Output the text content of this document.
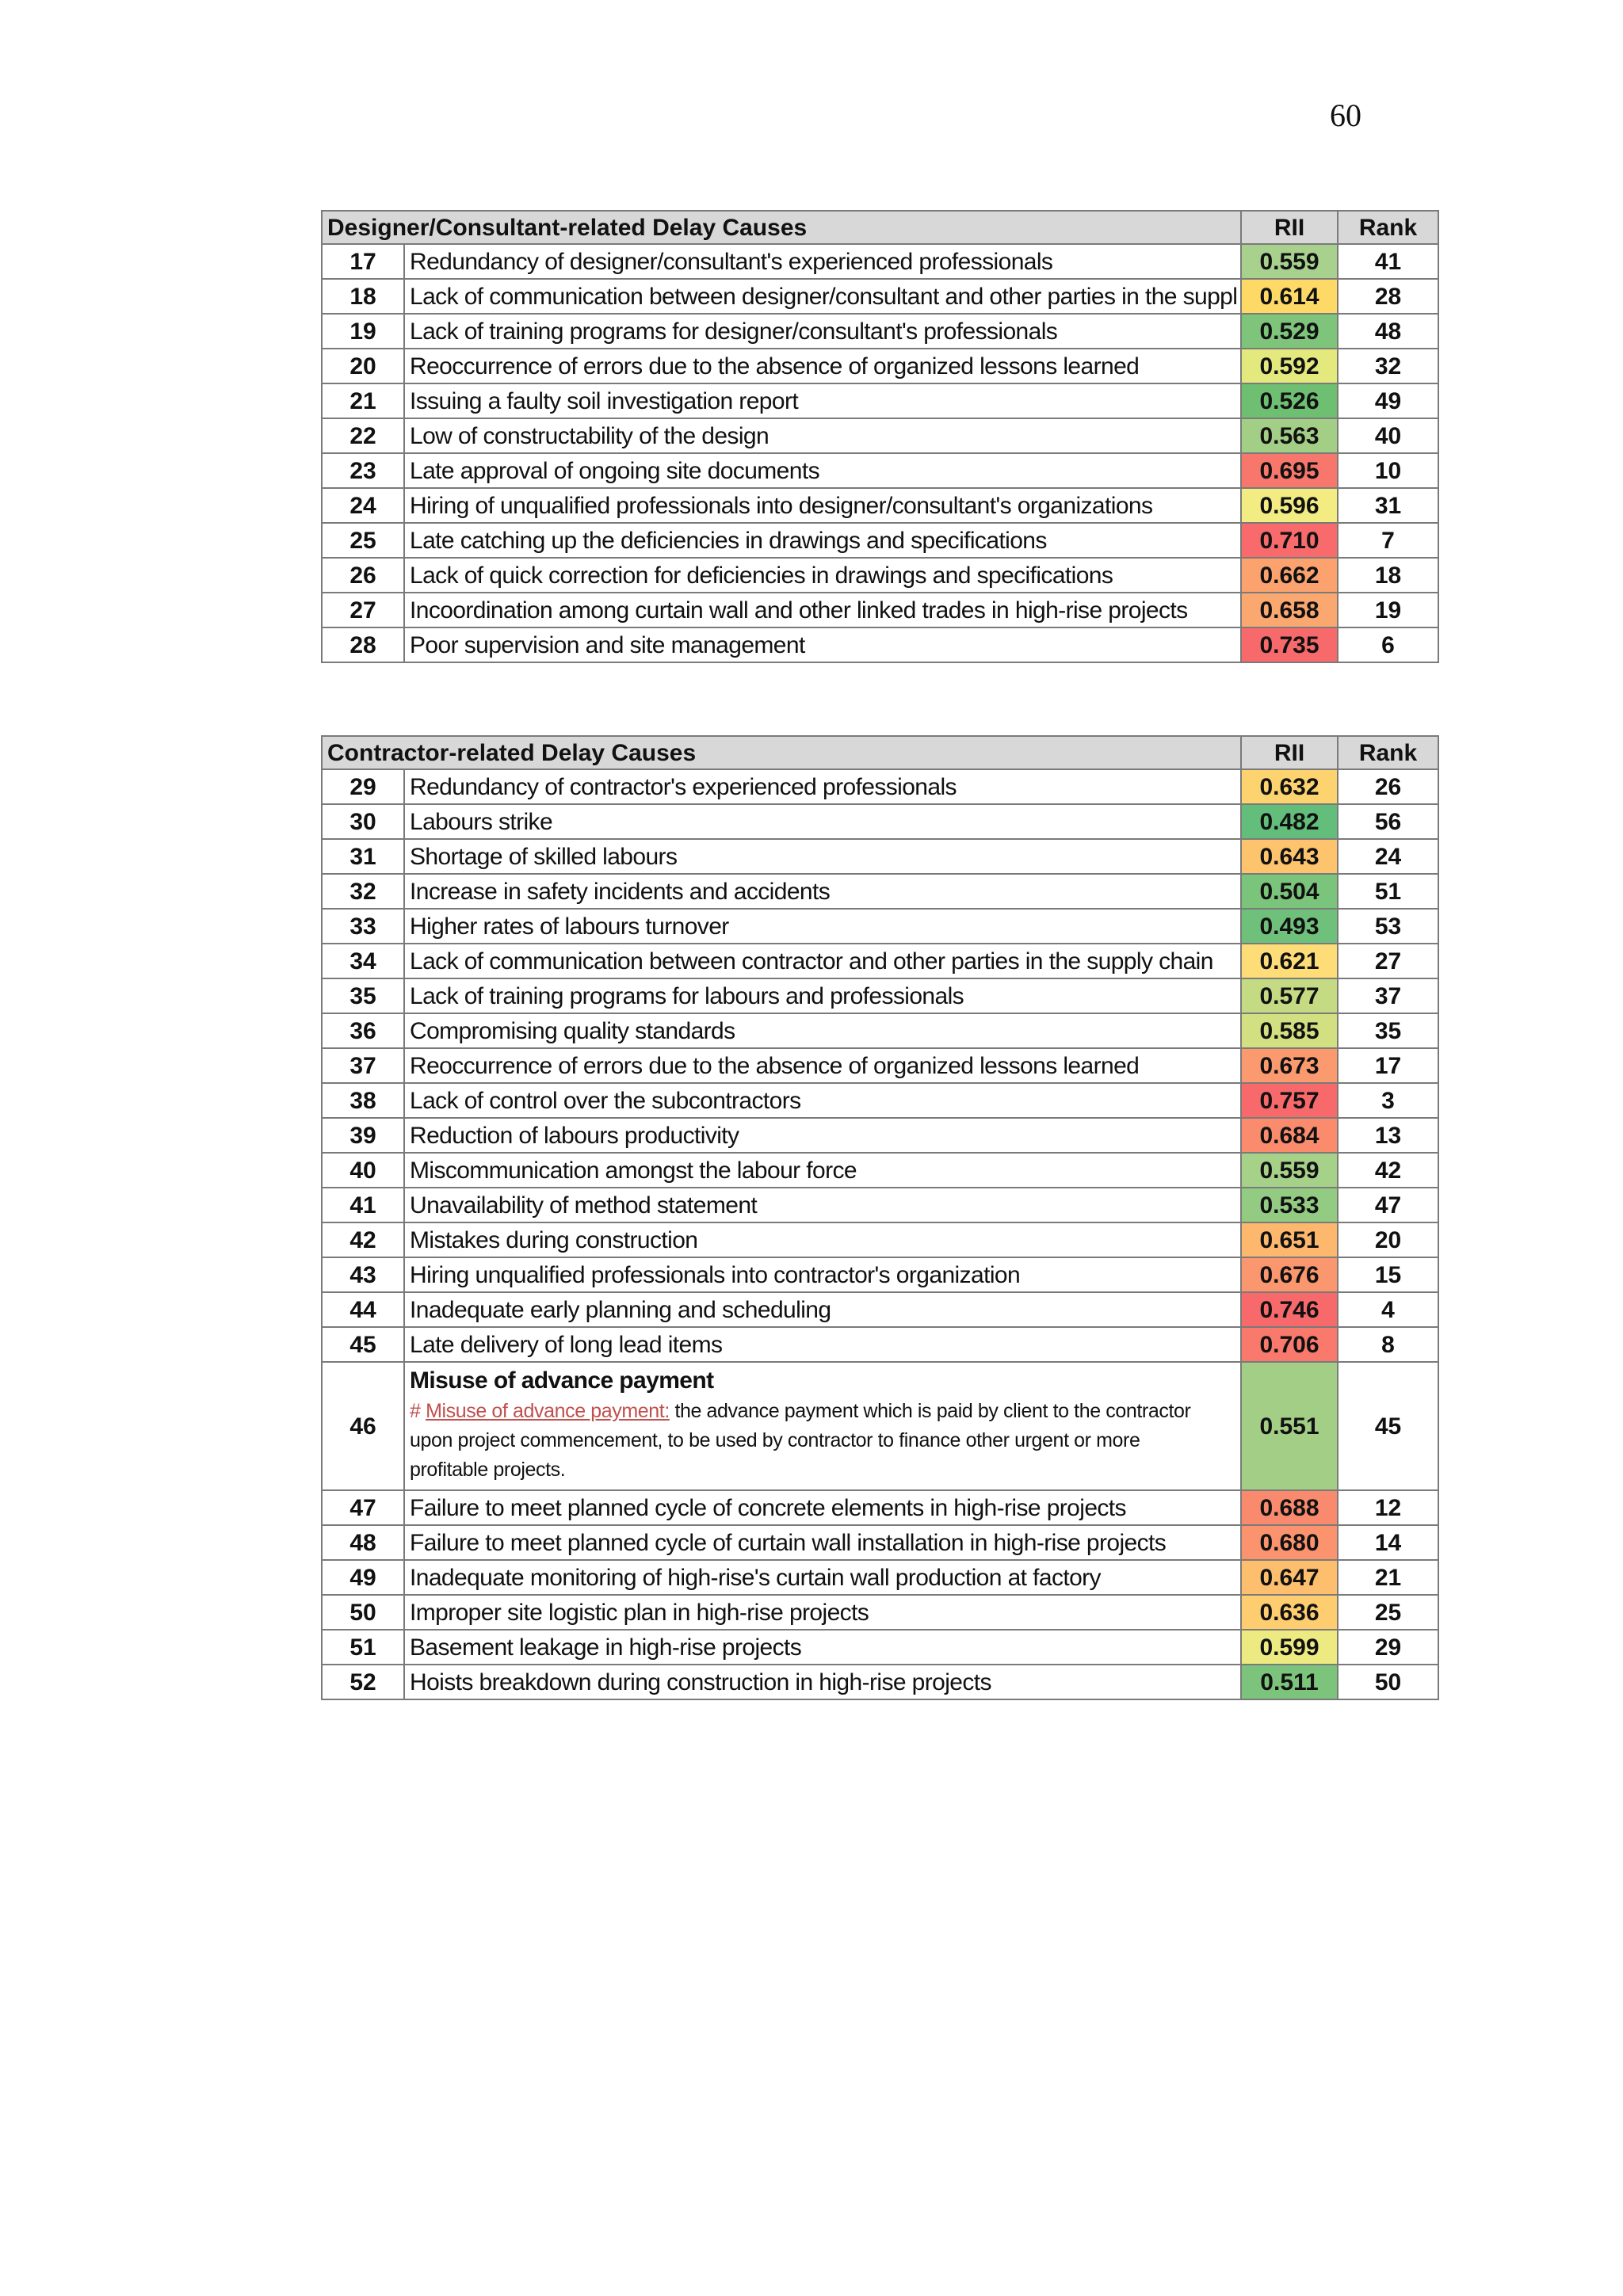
60
Designer/Consultant-related Delay Causes		RII	Rank
17	Redundancy of designer/consultant's experienced professionals	0.559	41
18	Lack of communication between designer/consultant and other parties in the suppl	0.614	28
19	Lack of training programs for designer/consultant's professionals	0.529	48
20	Reoccurrence of errors due to the absence of organized lessons learned	0.592	32
21	Issuing a faulty soil investigation report	0.526	49
22	Low of constructability of the design	0.563	40
23	Late approval of ongoing site documents	0.695	10
24	Hiring of unqualified professionals into designer/consultant's organizations	0.596	31
25	Late catching up the deficiencies in drawings and specifications	0.710	7
26	Lack of quick correction for deficiencies in drawings and specifications	0.662	18
27	Incoordination among curtain wall and other linked trades in high-rise projects	0.658	19
28	Poor supervision and site management	0.735	6
Contractor-related Delay Causes		RII	Rank
29	Redundancy of contractor's experienced professionals	0.632	26
30	Labours strike	0.482	56
31	Shortage of skilled labours	0.643	24
32	Increase in safety incidents and accidents	0.504	51
33	Higher rates of labours turnover	0.493	53
34	Lack of communication between contractor and other parties in the supply chain	0.621	27
35	Lack of training programs for labours and professionals	0.577	37
36	Compromising quality standards	0.585	35
37	Reoccurrence of errors due to the absence of organized lessons learned	0.673	17
38	Lack of control over the subcontractors	0.757	3
39	Reduction of labours productivity	0.684	13
40	Miscommunication amongst the labour force	0.559	42
41	Unavailability of method statement	0.533	47
42	Mistakes during construction	0.651	20
43	Hiring unqualified professionals into contractor's organization	0.676	15
44	Inadequate early planning and scheduling	0.746	4
45	Late delivery of long lead items	0.706	8
46	Misuse of advance payment
# Misuse of advance payment: the advance payment which is paid by client to the contractor
upon project commencement, to be used by contractor to finance other urgent or more
profitable projects.	0.551	45
47	Failure to meet planned cycle of concrete elements in high-rise projects	0.688	12
48	Failure to meet planned cycle of curtain wall installation in high-rise projects	0.680	14
49	Inadequate monitoring of high-rise's curtain wall production at factory	0.647	21
50	Improper site logistic plan in high-rise projects	0.636	25
51	Basement leakage in high-rise projects	0.599	29
52	Hoists breakdown during construction in high-rise projects	0.511	50
